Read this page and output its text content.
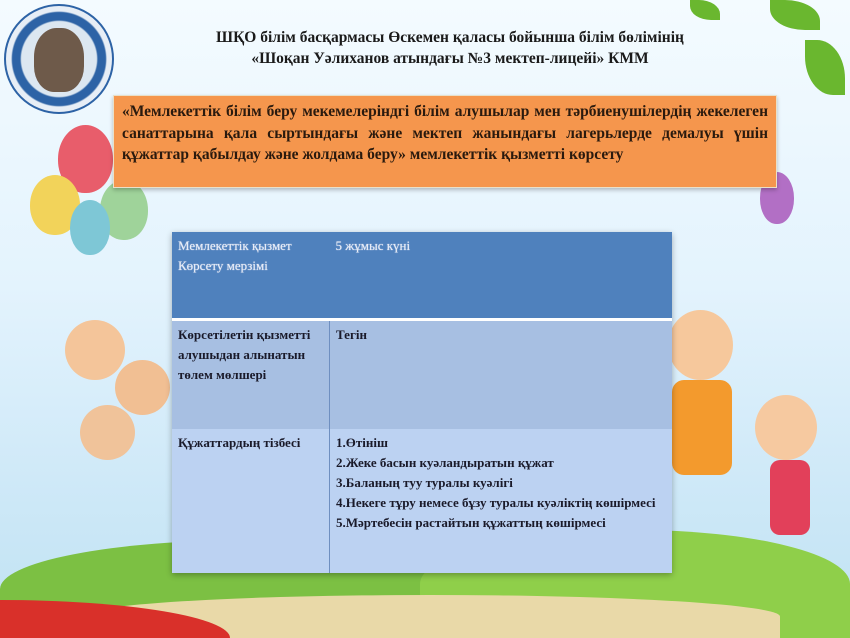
ШҚО білім басқармасы Өскемен қаласы бойынша білім бөлімінің
«Шоқан Уәлиханов атындағы №3 мектеп-лицейі» КММ
«Мемлекеттік білім беру мекемелеріндгі білім алушылар мен тәрбиенушілердің жекелеген санаттарына қала сыртындағы және мектеп жанындағы лагерьлерде демалуы үшін құжаттар қабылдау және жолдама беру» мемлекеттік қызметті көрсету
Мемлекеттік қызмет
Көрсету мерзімі	5 жұмыс күні
Көрсетілетін қызметті алушыдан алынатын төлем мөлшері	Тегін
Құжаттардың тізбесі	1.Өтініш
2.Жеке басын куәландыратын құжат
3.Баланың туу туралы куәлігі
4.Некеге тұру немесе бұзу туралы куәліктің көшірмесі
5.Мәртебесін растайтын құжаттың көшірмесі
